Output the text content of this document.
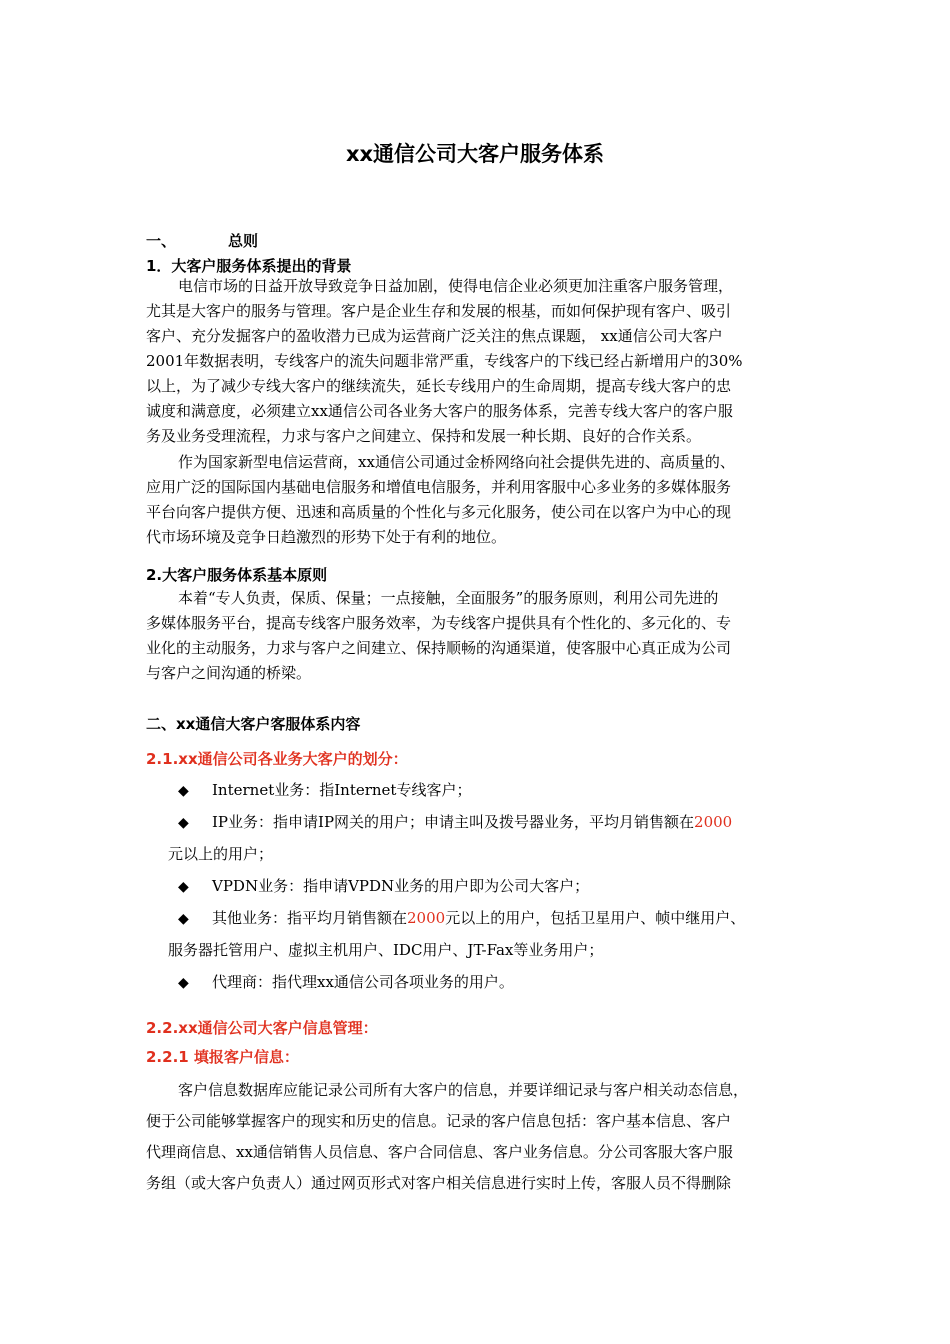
xx通信公司大客户服务体系
一、	总则
1．大客户服务体系提出的背景
电信市场的日益开放导致竞争日益加剧，使得电信企业必须更加注重客户服务管理，
尤其是大客户的服务与管理。客户是企业生存和发展的根基，而如何保护现有客户、吸引
客户、充分发掘客户的盈收潜力已成为运营商广泛关注的焦点课题， xx通信公司大客户
2001年数据表明，专线客户的流失问题非常严重，专线客户的下线已经占新增用户的30%
以上，为了减少专线大客户的继续流失，延长专线用户的生命周期，提高专线大客户的忠
诚度和满意度，必须建立xx通信公司各业务大客户的服务体系，完善专线大客户的客户服
务及业务受理流程，力求与客户之间建立、保持和发展一种长期、良好的合作关系。
作为国家新型电信运营商，xx通信公司通过金桥网络向社会提供先进的、高质量的、
应用广泛的国际国内基础电信服务和增值电信服务，并利用客服中心多业务的多媒体服务
平台向客户提供方便、迅速和高质量的个性化与多元化服务，使公司在以客户为中心的现
代市场环境及竞争日趋激烈的形势下处于有利的地位。
2.大客户服务体系基本原则
本着“专人负责，保质、保量；一点接触，全面服务”的服务原则，利用公司先进的
多媒体服务平台，提高专线客户服务效率，为专线客户提供具有个性化的、多元化的、专
业化的主动服务，力求与客户之间建立、保持顺畅的沟通渠道，使客服中心真正成为公司
与客户之间沟通的桥梁。
二、xx通信大客户客服体系内容
2.1.xx通信公司各业务大客户的划分：
◆ Internet业务：指Internet专线客户；
◆ IP业务：指申请IP网关的用户；申请主叫及拨号器业务，平均月销售额在2000
元以上的用户；
◆ VPDN业务：指申请VPDN业务的用户即为公司大客户；
◆ 其他业务：指平均月销售额在2000元以上的用户，包括卫星用户、帧中继用户、
服务器托管用户、虚拟主机用户、IDC用户、JT-Fax等业务用户；
◆ 代理商：指代理xx通信公司各项业务的用户。
2.2.xx通信公司大客户信息管理：
2.2.1 填报客户信息：
客户信息数据库应能记录公司所有大客户的信息，并要详细记录与客户相关动态信息，
便于公司能够掌握客户的现实和历史的信息。记录的客户信息包括：客户基本信息、客户
代理商信息、xx通信销售人员信息、客户合同信息、客户业务信息。分公司客服大客户服
务组（或大客户负责人）通过网页形式对客户相关信息进行实时上传，客服人员不得删除
